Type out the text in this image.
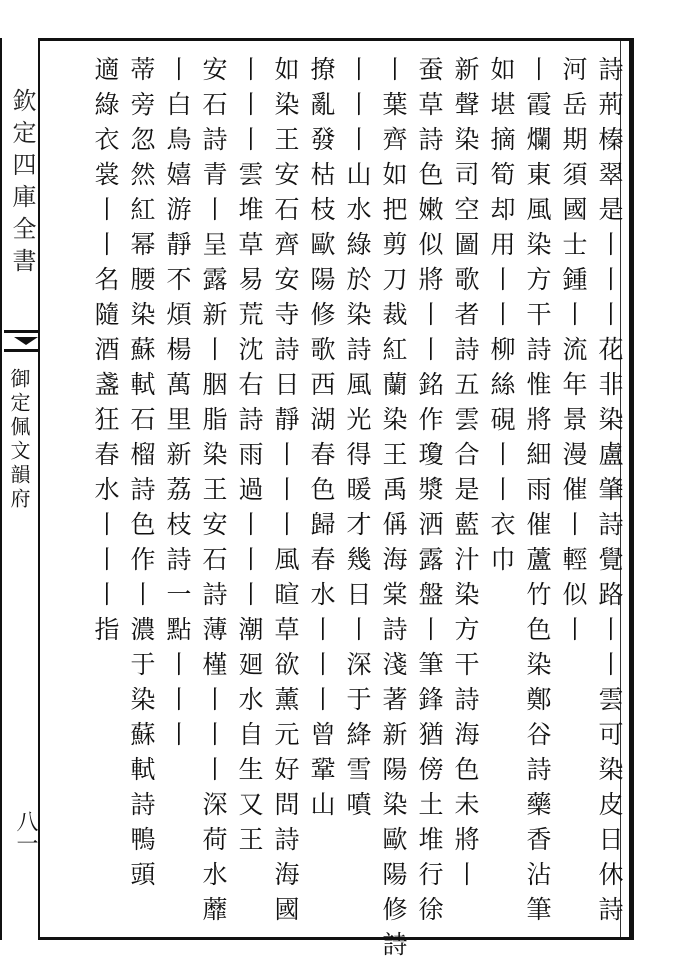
欽定四庫全書
御定佩文韻府
八一	詩荊榛翠是丨丨丨花非染盧肇詩覺路丨丨雲可染皮日休詩
河岳期須國士鍾丨流年景漫催丨輕似丨
丨霞爛東風染方干詩惟將細雨催蘆竹色染鄭谷詩藥香沾筆
如堪摘筍却用丨丨柳絲硯丨丨衣巾
新聲染司空圖歌者詩五雲合是藍汁染方干詩海色未將丨
蚕草詩色嫩似將丨丨銘作瓊漿洒露盤丨筆鋒猶傍土堆行徐
丨葉齊如把剪刀裁紅蘭染王禹偁海棠詩淺著新陽染歐陽修詩
丨丨丨山水綠於染詩風光得暖才幾日丨深于絳雪噴
撩亂發枯枝歐陽修歌西湖春色歸春水丨丨丨曾鞏山
如染王安石齊安寺詩日靜丨丨丨風暄草欲薰元好問詩海國
丨丨丨雲堆草易荒沈右詩雨過丨丨丨潮廻水自生又王
安石詩青丨呈露新丨胭脂染王安石詩薄槿丨丨丨深荷水蘼
丨白鳥嬉游靜不煩楊萬里新荔枝詩一點丨丨丨
蒂旁忽然紅幂腰染蘇軾石榴詩色作丨濃于染蘇軾詩鴨頭
適綠衣裳丨丨名隨酒盞狂春水丨丨丨指
